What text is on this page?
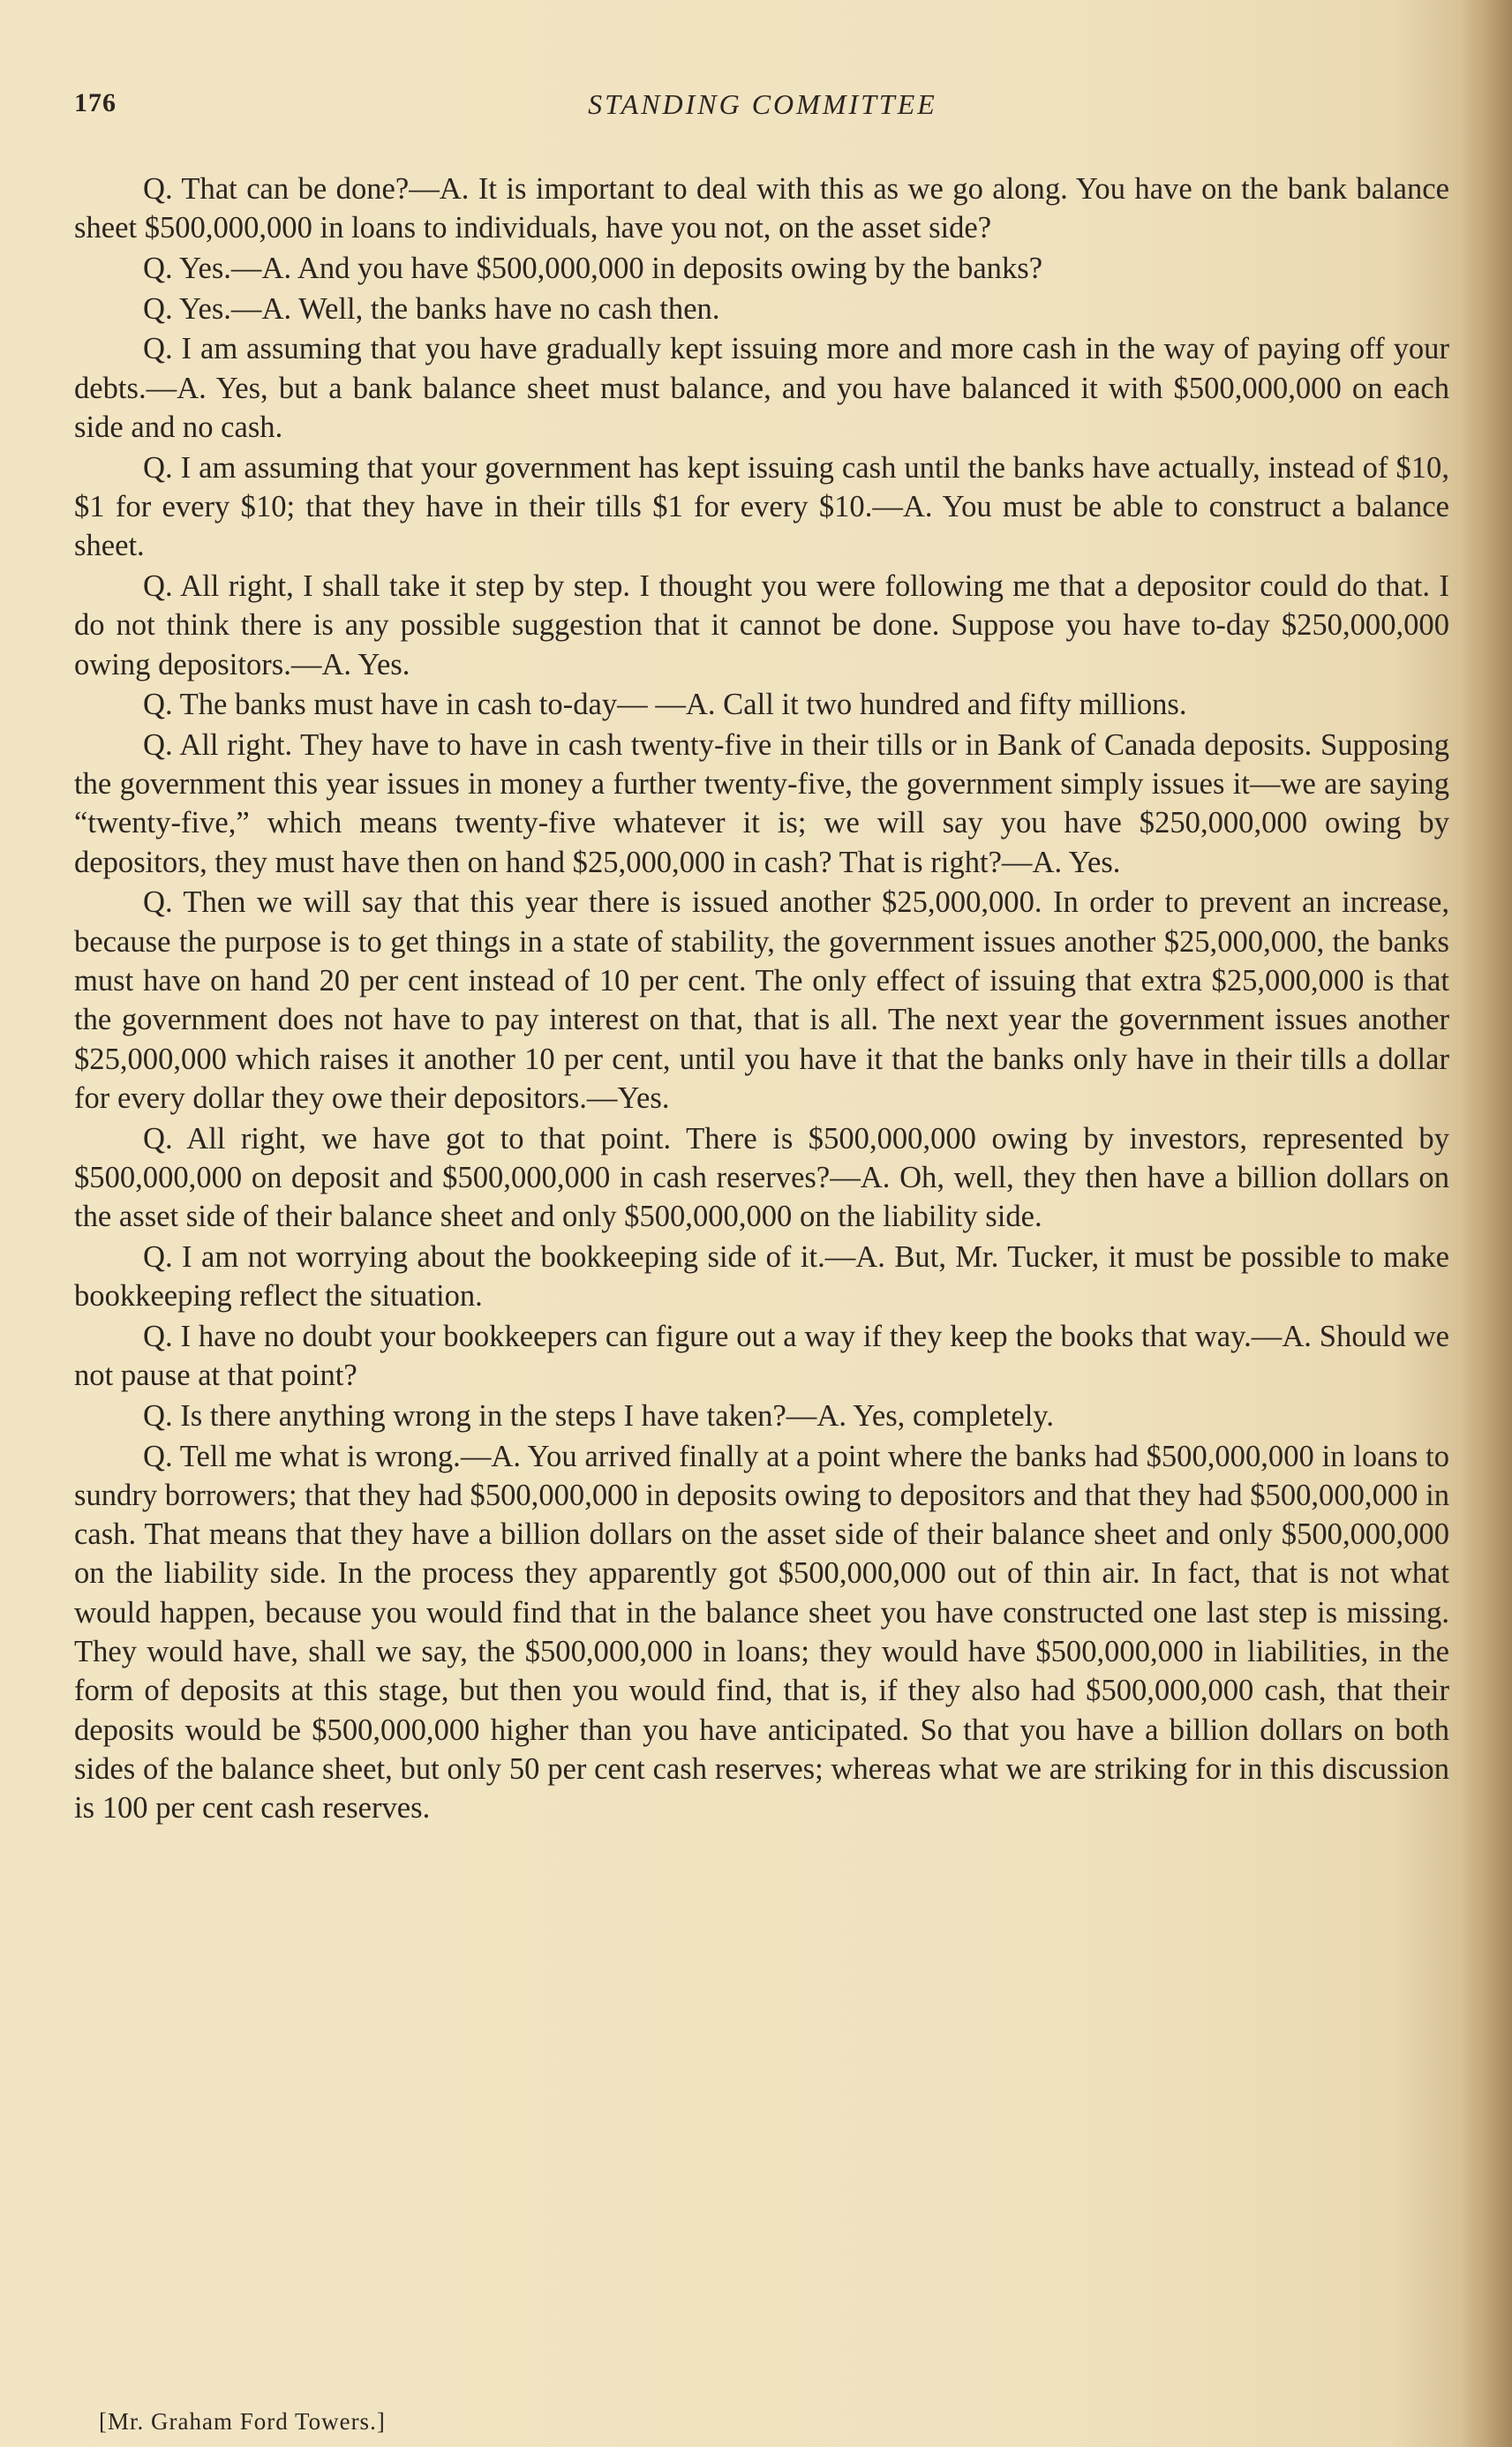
176	STANDING COMMITTEE

Q. That can be done?—A. It is important to deal with this as we go along. You have on the bank balance sheet $500,000,000 in loans to individuals, have you not, on the asset side?

Q. Yes.—A. And you have $500,000,000 in deposits owing by the banks?

Q. Yes.—A. Well, the banks have no cash then.

Q. I am assuming that you have gradually kept issuing more and more cash in the way of paying off your debts.—A. Yes, but a bank balance sheet must balance, and you have balanced it with $500,000,000 on each side and no cash.

Q. I am assuming that your government has kept issuing cash until the banks have actually, instead of $10, $1 for every $10; that they have in their tills $1 for every $10.—A. You must be able to construct a balance sheet.

Q. All right, I shall take it step by step. I thought you were following me that a depositor could do that. I do not think there is any possible suggestion that it cannot be done. Suppose you have to-day $250,000,000 owing depositors.—A. Yes.

Q. The banks must have in cash to-day— —A. Call it two hundred and fifty millions.

Q. All right. They have to have in cash twenty-five in their tills or in Bank of Canada deposits. Supposing the government this year issues in money a further twenty-five, the government simply issues it—we are saying “twenty-five,” which means twenty-five whatever it is; we will say you have $250,000,000 owing by depositors, they must have then on hand $25,000,000 in cash? That is right?—A. Yes.

Q. Then we will say that this year there is issued another $25,000,000. In order to prevent an increase, because the purpose is to get things in a state of stability, the government issues another $25,000,000, the banks must have on hand 20 per cent instead of 10 per cent. The only effect of issuing that extra $25,000,000 is that the government does not have to pay interest on that, that is all. The next year the government issues another $25,000,000 which raises it another 10 per cent, until you have it that the banks only have in their tills a dollar for every dollar they owe their depositors.—Yes.

Q. All right, we have got to that point. There is $500,000,000 owing by investors, represented by $500,000,000 on deposit and $500,000,000 in cash reserves?—A. Oh, well, they then have a billion dollars on the asset side of their balance sheet and only $500,000,000 on the liability side.

Q. I am not worrying about the bookkeeping side of it.—A. But, Mr. Tucker, it must be possible to make bookkeeping reflect the situation.

Q. I have no doubt your bookkeepers can figure out a way if they keep the books that way.—A. Should we not pause at that point?

Q. Is there anything wrong in the steps I have taken?—A. Yes, completely.

Q. Tell me what is wrong.—A. You arrived finally at a point where the banks had $500,000,000 in loans to sundry borrowers; that they had $500,000,000 in deposits owing to depositors and that they had $500,000,000 in cash. That means that they have a billion dollars on the asset side of their balance sheet and only $500,000,000 on the liability side. In the process they apparently got $500,000,000 out of thin air. In fact, that is not what would happen, because you would find that in the balance sheet you have constructed one last step is missing. They would have, shall we say, the $500,000,000 in loans; they would have $500,000,000 in liabilities, in the form of deposits at this stage, but then you would find, that is, if they also had $500,000,000 cash, that their deposits would be $500,000,000 higher than you have anticipated. So that you have a billion dollars on both sides of the balance sheet, but only 50 per cent cash reserves; whereas what we are striking for in this discussion is 100 per cent cash reserves.

[Mr. Graham Ford Towers.]
